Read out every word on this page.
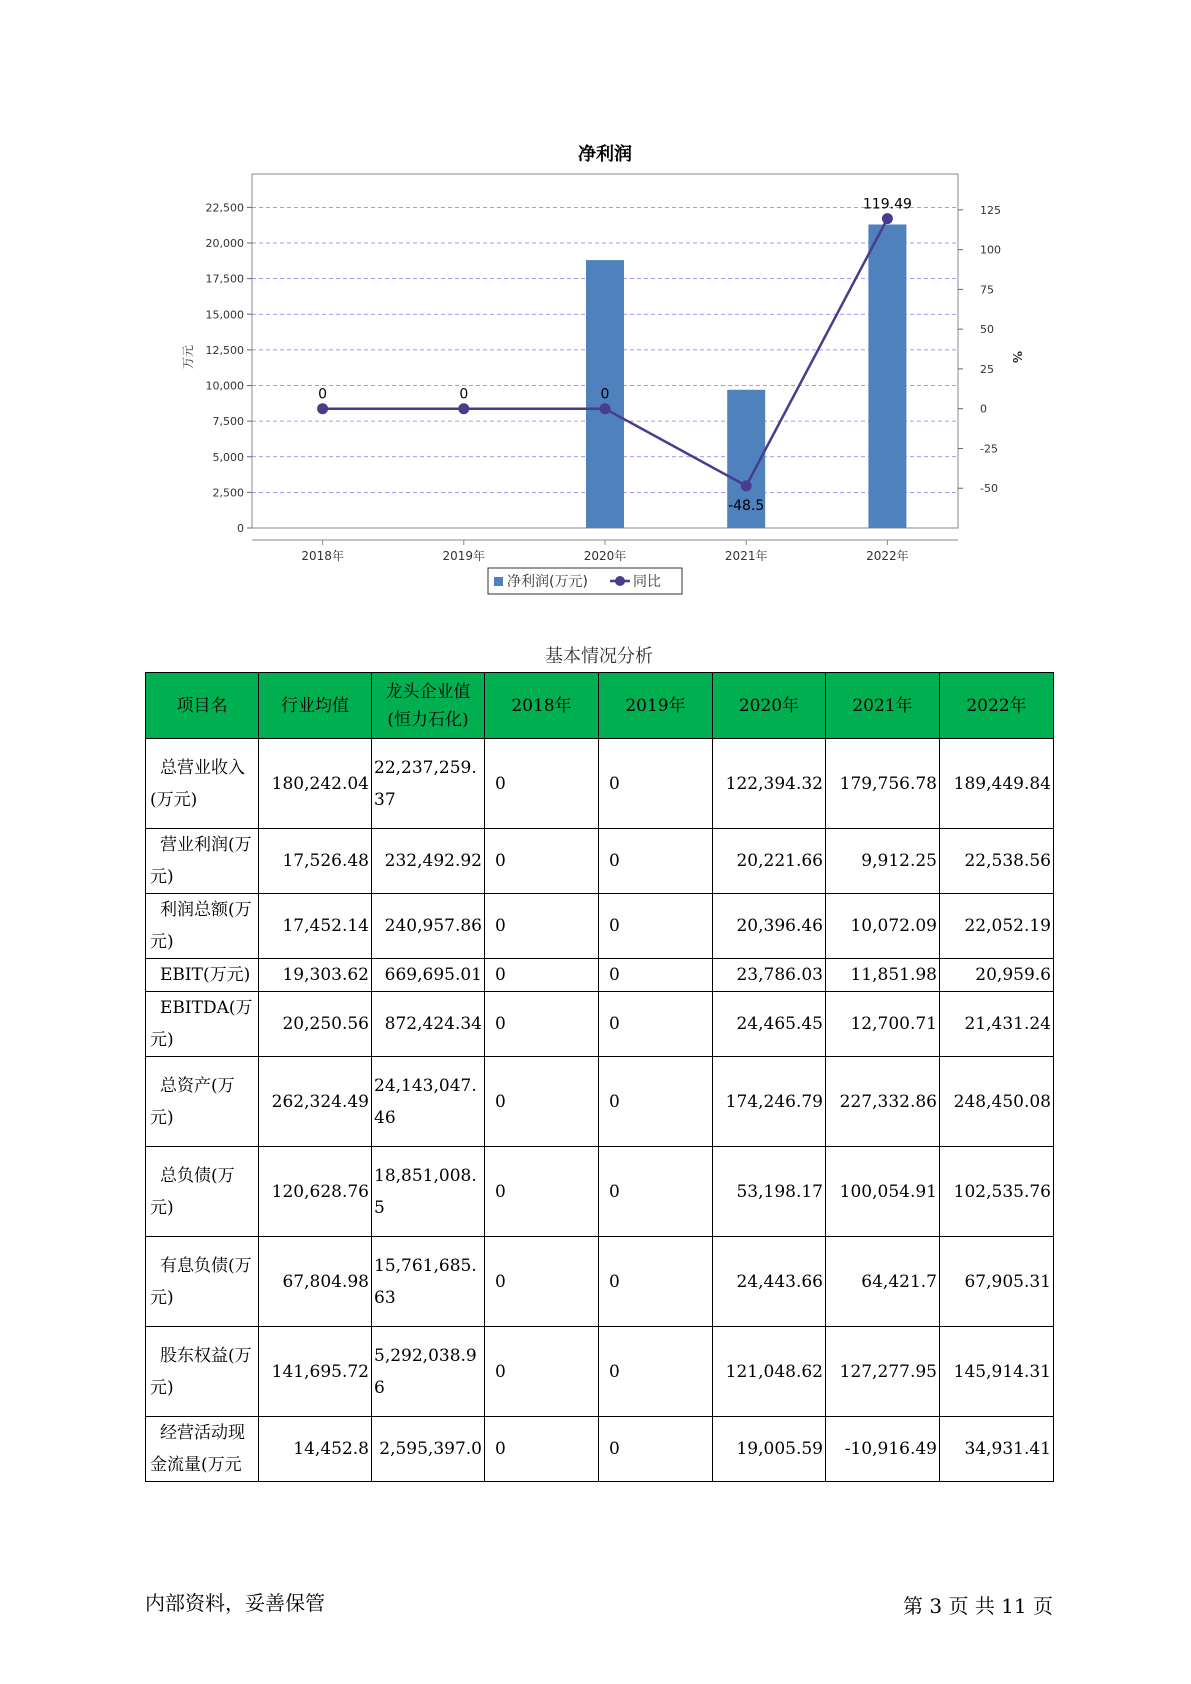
净利润
0
2,500
5,000
7,500
10,000
12,500
15,000
17,500
20,000
22,500
-50
-25
0
25
50
75
100
125
万元	%
2018年	2019年	2020年	2021年	2022年
0	0	0
-48.5
119.49
净利润(万元)	同比
基本情况分析
项目名	行业均值	龙头企业值(恒力石化)	2018年	2019年	2020年	2021年	2022年
总营业收入(万元)	180,242.04	22,237,259.37	0	0	122,394.32	179,756.78	189,449.84
营业利润(万元)	17,526.48	232,492.92	0	0	20,221.66	9,912.25	22,538.56
利润总额(万元)	17,452.14	240,957.86	0	0	20,396.46	10,072.09	22,052.19
EBIT(万元)	19,303.62	669,695.01	0	0	23,786.03	11,851.98	20,959.6
EBITDA(万元)	20,250.56	872,424.34	0	0	24,465.45	12,700.71	21,431.24
总资产(万元)	262,324.49	24,143,047.46	0	0	174,246.79	227,332.86	248,450.08
总负债(万元)	120,628.76	18,851,008.5	0	0	53,198.17	100,054.91	102,535.76
有息负债(万元)	67,804.98	15,761,685.63	0	0	24,443.66	64,421.7	67,905.31
股东权益(万元)	141,695.72	5,292,038.96	0	0	121,048.62	127,277.95	145,914.31
经营活动现金流量(万元	14,452.8	2,595,397.0	0	0	19,005.59	-10,916.49	34,931.41
内部资料，妥善保管	第 3 页 共 11 页
